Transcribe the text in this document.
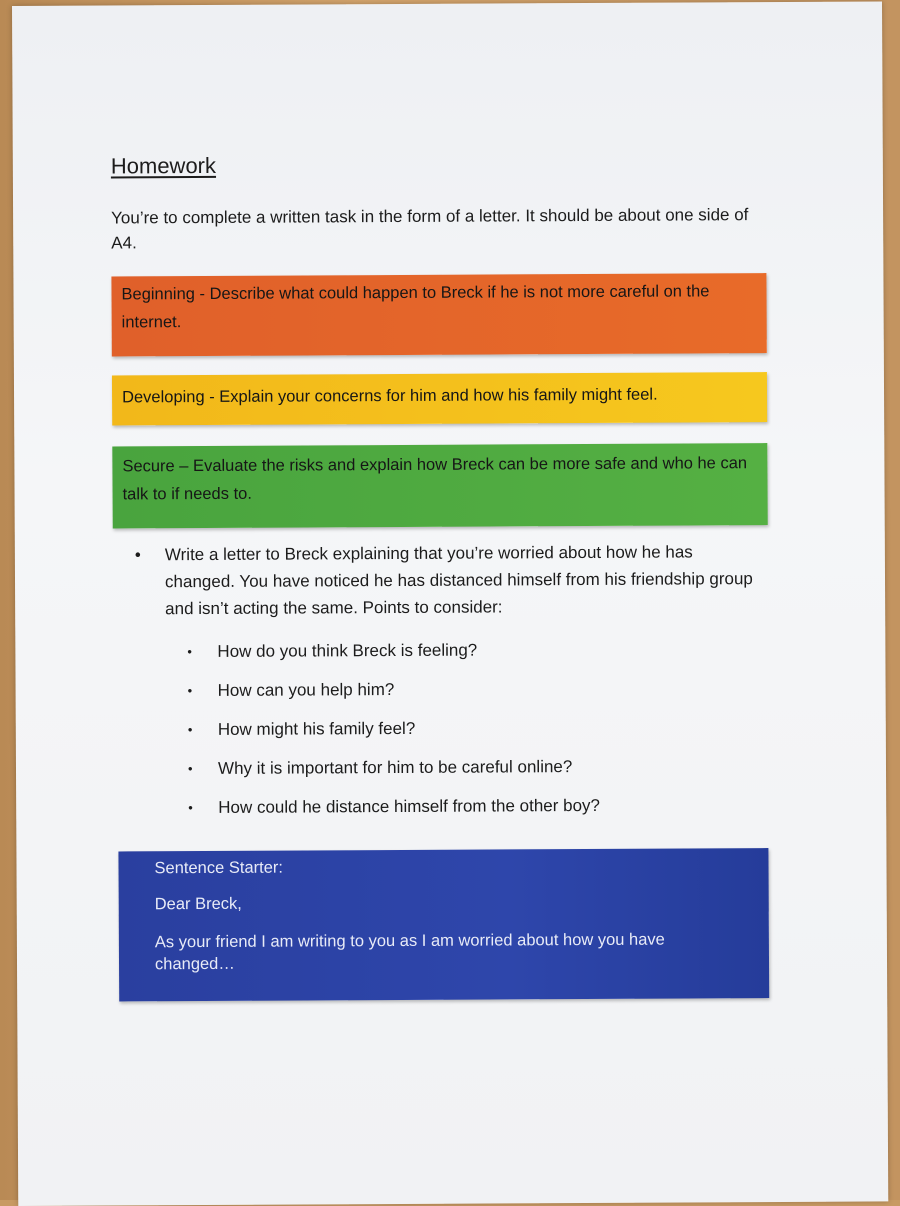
Homework

You’re to complete a written task in the form of a letter. It should be about one side of A4.

Beginning - Describe what could happen to Breck if he is not more careful on the internet.
Developing - Explain your concerns for him and how his family might feel.
Secure – Evaluate the risks and explain how Breck can be more safe and who he can talk to if needs to.
• Write a letter to Breck explaining that you’re worried about how he has changed. You have noticed he has distanced himself from his friendship group and isn’t acting the same. Points to consider:
• How do you think Breck is feeling?
• How can you help him?
• How might his family feel?
• Why it is important for him to be careful online?
• How could he distance himself from the other boy?

Sentence Starter:

Dear Breck,

As your friend I am writing to you as I am worried about how you have changed…
